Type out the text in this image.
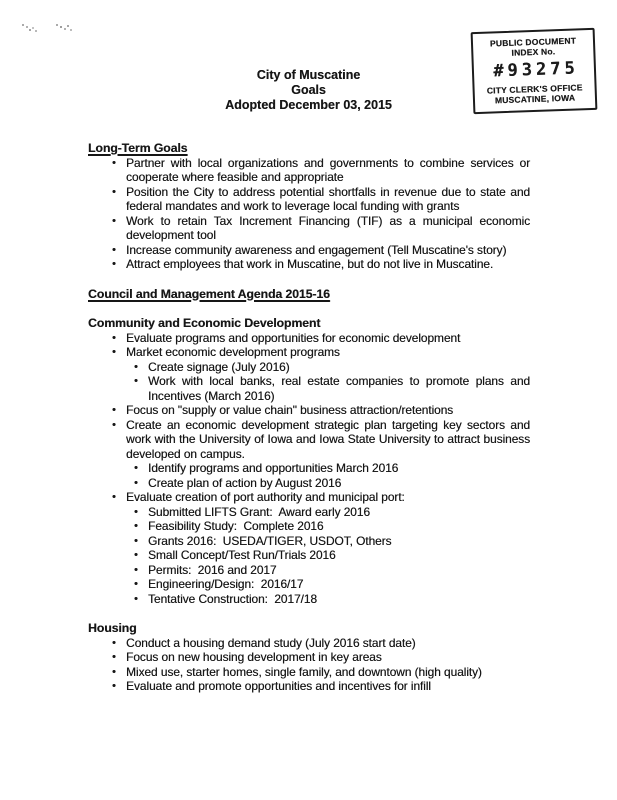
PUBLIC DOCUMENT
INDEX No.
#93275
CITY CLERK'S OFFICE
MUSCATINE, IOWA
City of Muscatine
Goals
Adopted December 03, 2015
Long-Term Goals
• Partner with local organizations and governments to combine services or cooperate where feasible and appropriate
• Position the City to address potential shortfalls in revenue due to state and federal mandates and work to leverage local funding with grants
• Work to retain Tax Increment Financing (TIF) as a municipal economic development tool
• Increase community awareness and engagement (Tell Muscatine's story)
• Attract employees that work in Muscatine, but do not live in Muscatine.
Council and Management Agenda 2015-16
Community and Economic Development
• Evaluate programs and opportunities for economic development
• Market economic development programs
• Create signage (July 2016)
• Work with local banks, real estate companies to promote plans and Incentives (March 2016)
• Focus on "supply or value chain" business attraction/retentions
• Create an economic development strategic plan targeting key sectors and work with the University of Iowa and Iowa State University to attract business developed on campus.
• Identify programs and opportunities March 2016
• Create plan of action by August 2016
• Evaluate creation of port authority and municipal port:
• Submitted LIFTS Grant:  Award early 2016
• Feasibility Study:  Complete 2016
• Grants 2016:  USEDA/TIGER, USDOT, Others
• Small Concept/Test Run/Trials 2016
• Permits:  2016 and 2017
• Engineering/Design:  2016/17
• Tentative Construction:  2017/18
Housing
• Conduct a housing demand study (July 2016 start date)
• Focus on new housing development in key areas
• Mixed use, starter homes, single family, and downtown (high quality)
• Evaluate and promote opportunities and incentives for infill
